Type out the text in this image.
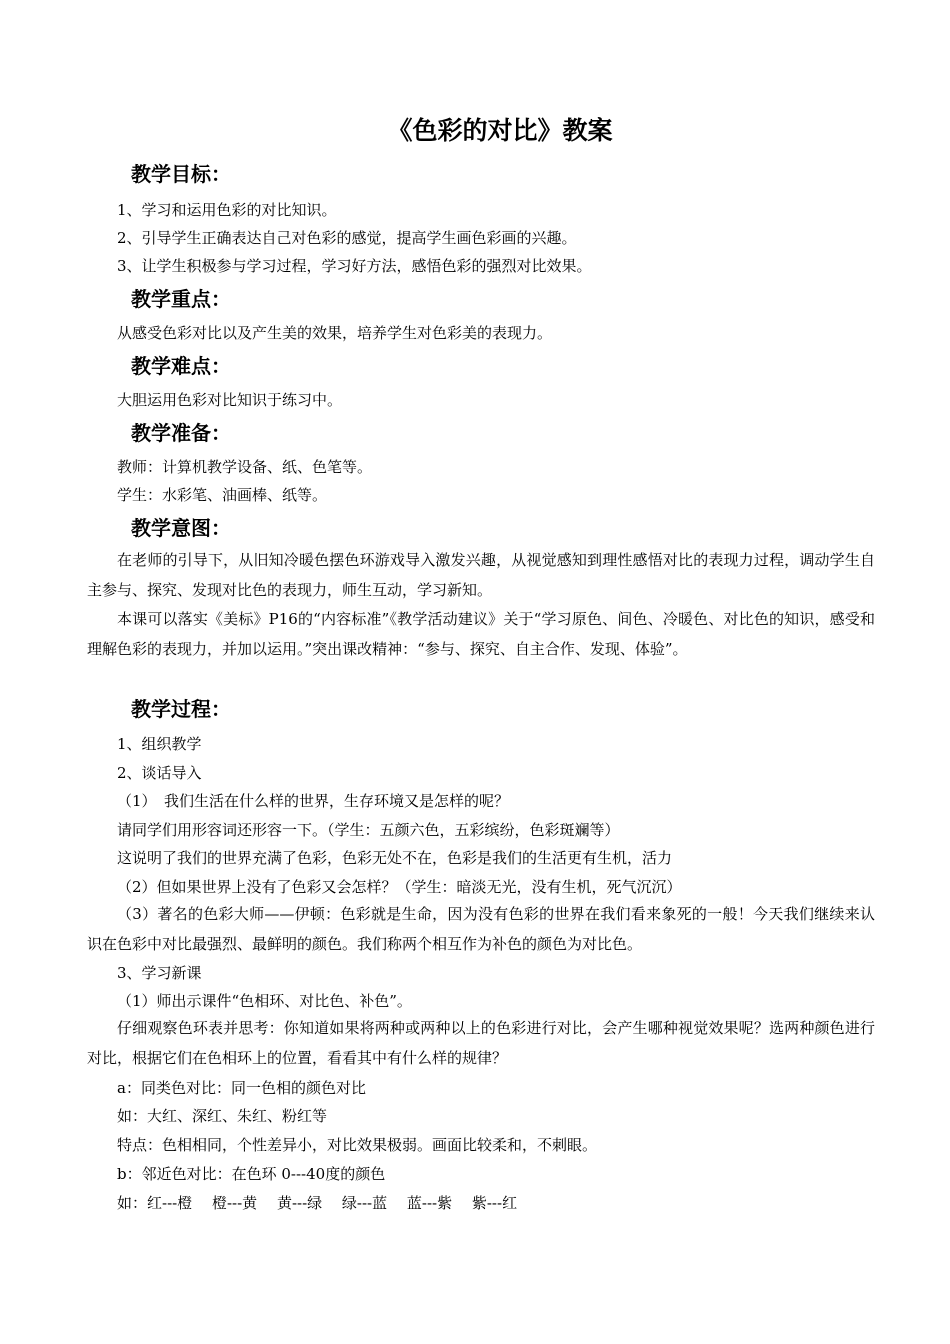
《色彩的对比》教案
教学目标：
1、学习和运用色彩的对比知识。
2、引导学生正确表达自己对色彩的感觉，提高学生画色彩画的兴趣。
3、让学生积极参与学习过程，学习好方法，感悟色彩的强烈对比效果。
教学重点：
从感受色彩对比以及产生美的效果，培养学生对色彩美的表现力。
教学难点：
大胆运用色彩对比知识于练习中。
教学准备：
教师：计算机教学设备、纸、色笔等。
学生：水彩笔、油画棒、纸等。
教学意图：
在老师的引导下，从旧知冷暖色摆色环游戏导入激发兴趣，从视觉感知到理性感悟对比的表现力过程，调动学生自主参与、探究、发现对比色的表现力，师生互动，学习新知。
本课可以落实《美标》P16的“内容标准”《教学活动建议》关于“学习原色、间色、冷暖色、对比色的知识，感受和理解色彩的表现力，并加以运用。”突出课改精神：“参与、探究、自主合作、发现、体验”。
教学过程：
1、组织教学
2、谈话导入
（1）　我们生活在什么样的世界，生存环境又是怎样的呢？
请同学们用形容词还形容一下。（学生：五颜六色，五彩缤纷，色彩斑斓等）
这说明了我们的世界充满了色彩，色彩无处不在，色彩是我们的生活更有生机，活力
（2）但如果世界上没有了色彩又会怎样？（学生：暗淡无光，没有生机，死气沉沉）
（3）著名的色彩大师——伊顿：色彩就是生命，因为没有色彩的世界在我们看来象死的一般！今天我们继续来认识在色彩中对比最强烈、最鲜明的颜色。我们称两个相互作为补色的颜色为对比色。
3、学习新课
（1）师出示课件“色相环、对比色、补色”。
仔细观察色环表并思考：你知道如果将两种或两种以上的色彩进行对比，会产生哪种视觉效果呢？选两种颜色进行对比，根据它们在色相环上的位置，看看其中有什么样的规律？
a：同类色对比：同一色相的颜色对比
如：大红、深红、朱红、粉红等
特点：色相相同，个性差异小，对比效果极弱。画面比较柔和，不刺眼。
b：邻近色对比：在色环 0---40度的颜色
如：红---橙　 橙---黄　 黄---绿　 绿---蓝　 蓝---紫　 紫---红
